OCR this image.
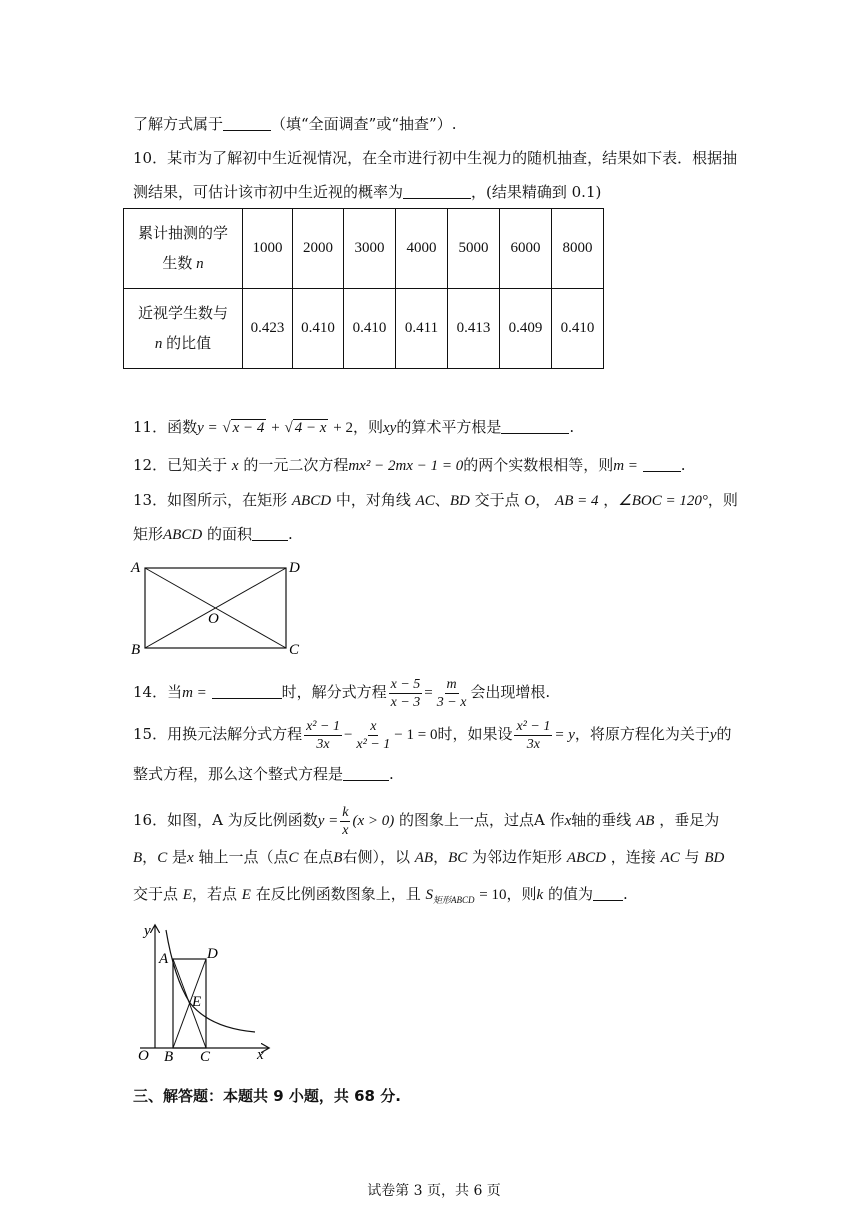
了解方式属于	（填“全面调查”或“抽查”）.
10．某市为了解初中生近视情况，在全市进行初中生视力的随机抽查，结果如下表．根据抽
测结果，可估计该市初中生近视的概率为	，(结果精确到 0.1)
累计抽测的学
生数 n	1000	2000	3000	4000	5000	6000	8000
近视学生数与
n 的比值	0.423	0.410	0.410	0.411	0.413	0.409	0.410
11．函数y = √ x − 4 + √ 4 − x + 2，则xy的算术平方根是	.
12．已知关于 x 的一元二次方程mx² − 2mx − 1 = 0的两个实数根相等，则m =	.
13．如图所示，在矩形 ABCD 中，对角线 AC、BD 交于点 O， AB = 4 ，∠BOC = 120°，则
矩形ABCD 的面积 .
A	D
B	C
O
14．当m =	时，解分式方程 $\frac{x - 5}{x - 3} = \frac{m}{3 - x}$ 会出现增根.
15．用换元法解分式方程 $\frac{\text{x² − 1}}{3x} - \frac{x}{\text{x² − 1}} - 1 = 0$时，如果设 $\frac{\text{x² − 1}}{3x} = y$，将原方程化为关于y的
整式方程，那么这个整式方程是	.
16．如图，A 为反比例函数$y = \frac{k}{x} (x > 0)$ 的图象上一点，过点A 作x轴的垂线 AB ，垂足为
B，C 是x 轴上一点（点C 在点B右侧），以 AB，BC 为邻边作矩形 ABCD ，连接 AC 与 BD
交于点 E，若点 E 在反比例函数图象上，且 $S_{矩形ABCD} = 10$，则k 的值为 .
y
x
O
A	D
E
B C
三、解答题：本题共 9 小题，共 68 分.
试卷第 3 页，共 6 页
